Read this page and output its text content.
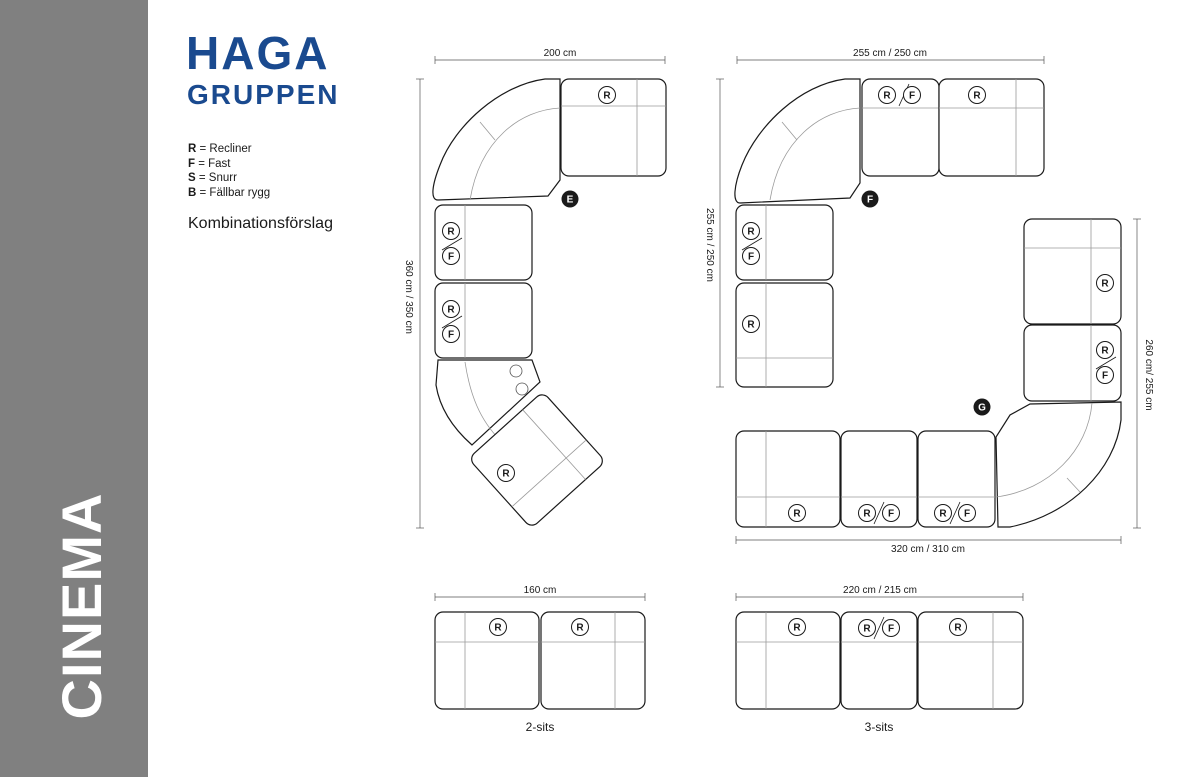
CINEMA
HAGA
GRUPPEN
R = Recliner
F = Fast
S = Snurr
B = Fällbar rygg
Kombinationsförslag
200 cm
360 cm / 350 cm
R
R
F
R
F
R
E
255 cm / 250 cm
255 cm / 250 cm
R F	R
R
F
R
F
320 cm / 310 cm
260 cm/ 255 cm
R
R
F
R	R F	R F
G
160 cm
R	R
2-sits
220 cm / 215 cm
R	R F	R
3-sits
